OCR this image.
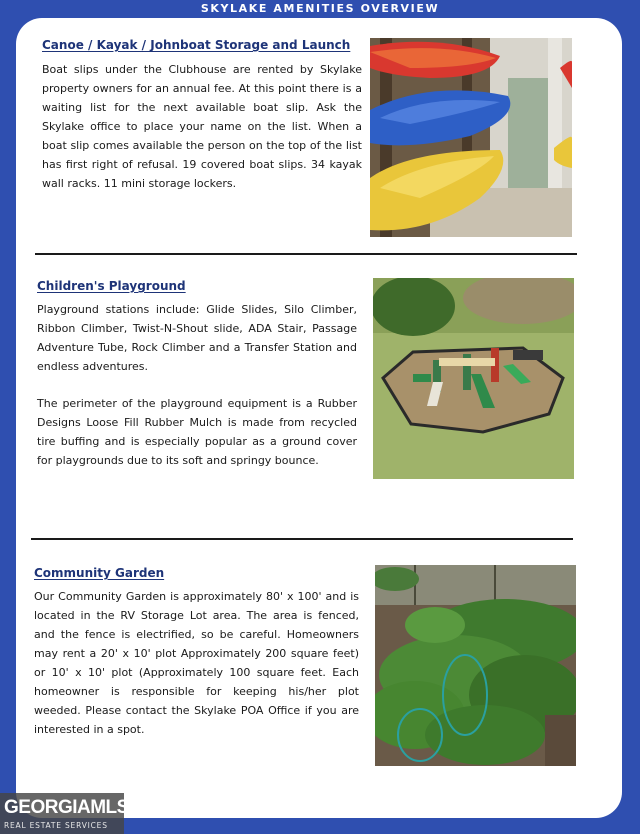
SKYLAKE AMENITIES OVERVIEW
Canoe / Kayak / Johnboat Storage and Launch

Boat slips under the Clubhouse are rented by Skylake property owners for an annual fee. At this point there is a waiting list for the next available boat slip. Ask the Skylake office to place your name on the list. When a boat slip comes available the person on the top of the list has first right of refusal. 19 covered boat slips. 34 kayak wall racks. 11 mini storage lockers.

Children's Playground

Playground stations include: Glide Slides, Silo Climber, Ribbon Climber, Twist-N-Shout slide, ADA Stair, Passage Adventure Tube, Rock Climber and a Transfer Station and endless adventures.

The perimeter of the playground equipment is a Rubber Designs Loose Fill Rubber Mulch is made from recycled tire buffing and is especially popular as a ground cover for playgrounds due to its soft and springy bounce.

Community Garden

Our Community Garden is approximately 80' x 100' and is located in the RV Storage Lot area. The area is fenced, and the fence is electrified, so be careful. Homeowners may rent a 20' x 10' plot Approximately 200 square feet) or 10' x 10' plot (Approximately 100 square feet. Each homeowner is responsible for keeping his/her plot weeded. Please contact the Skylake POA Office if you are interested in a spot.

GEORGIAMLS
REAL ESTATE SERVICES
